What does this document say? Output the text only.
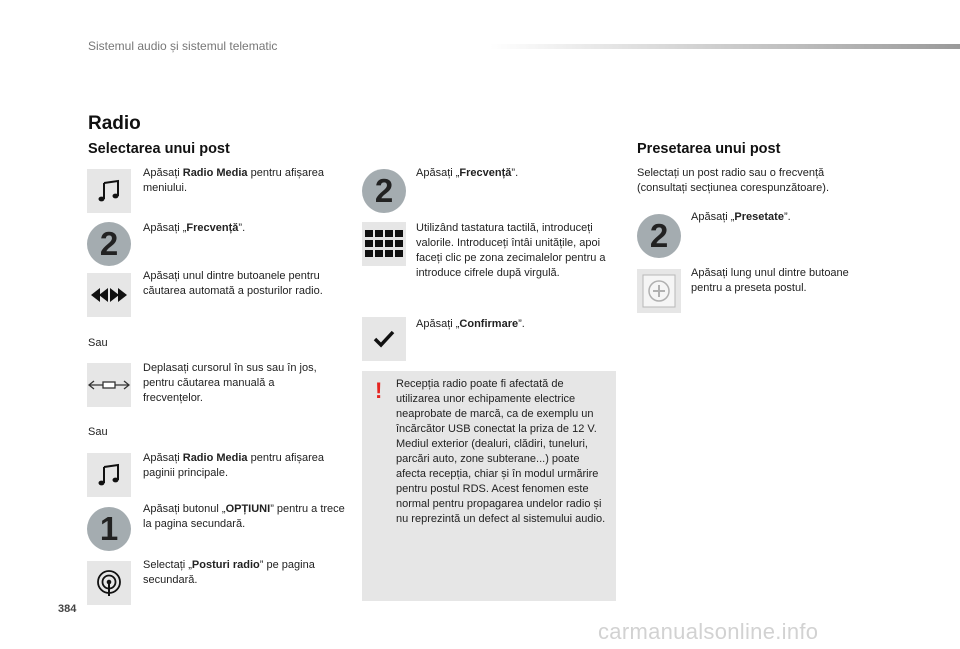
Sistemul audio și sistemul telematic
Radio
Selectarea unui post
Apăsați Radio Media pentru afișarea meniului.
2	Apăsați „Frecvență”.
Apăsați unul dintre butoanele pentru căutarea automată a posturilor radio.
Sau
Deplasați cursorul în sus sau în jos, pentru căutarea manuală a frecvențelor.
Sau
Apăsați Radio Media pentru afișarea paginii principale.
1
Apăsați butonul „OPȚIUNI” pentru a trece la pagina secundară.
Selectați „Posturi radio” pe pagina secundară.
2	Apăsați „Frecvență”.
Utilizând tastatura tactilă, introduceți valorile. Introduceți întâi unitățile, apoi faceți clic pe zona zecimalelor pentru a introduce cifrele după virgulă.
Apăsați „Confirmare”.
! Recepția radio poate fi afectată de utilizarea unor echipamente electrice neaprobate de marcă, ca de exemplu un încărcător USB conectat la priza de 12 V. Mediul exterior (dealuri, clădiri, tuneluri, parcări auto, zone subterane...) poate afecta recepția, chiar și în modul urmărire pentru postul RDS. Acest fenomen este normal pentru propagarea undelor radio și nu reprezintă un defect al sistemului audio.
Presetarea unui post
Selectați un post radio sau o frecvență (consultați secțiunea corespunzătoare).
2	Apăsați „Presetate”.
Apăsați lung unul dintre butoane pentru a preseta postul.
384
carmanualsonline.info
